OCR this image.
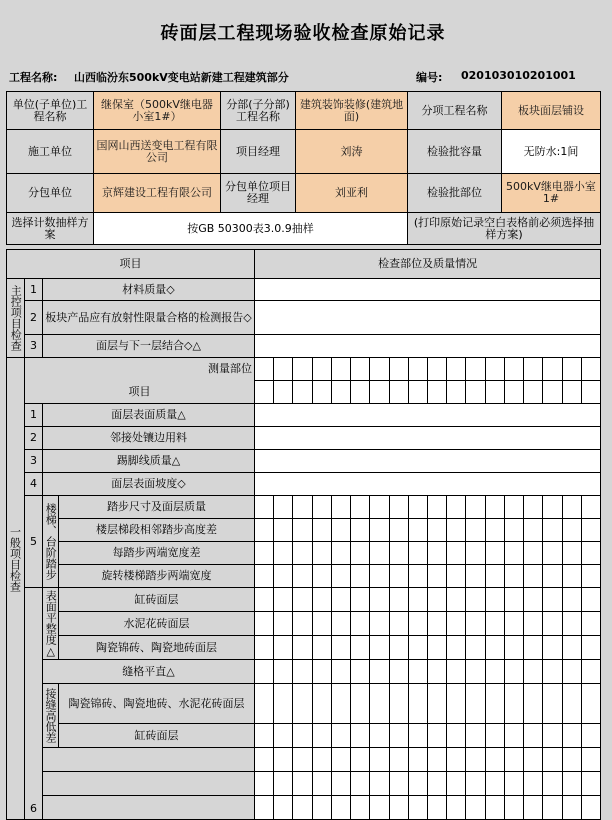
砖面层工程现场验收检查原始记录
工程名称: 山西临汾东500kV变电站新建工程建筑部分	编号: 020103010201001
单位(子单位)工程名称	继保室（500kV继电器小室1#）	分部(子分部)工程名称	建筑装饰装修(建筑地面)	分项工程名称	板块面层铺设
施工单位	国网山西送变电工程有限公司	项目经理	刘涛	检验批容量	无防水:1间
分包单位	京辉建设工程有限公司	分包单位项目经理	刘亚利	检验批部位	500kV继电器小室1#
选择计数抽样方案	按GB 50300表3.0.9抽样			(打印原始记录空白表格前必须选择抽样方案)	
项目				检查部位及质量情况																	
主控项目检查	1	材料质量◇																			
	2	板块产品应有放射性限量合格的检测报告◇																			
	3	面层与下一层结合◇△																			
一般项目检查	测量部位																				
	项目																				
	1	面层表面质量△																			
	2	邻接处镶边用料																			
	3	踢脚线质量△																			
	4	面层表面坡度◇																			
	5	楼梯、台阶踏步	踏步尺寸及面层质量																		
			楼层梯段相邻踏步高度差																		
			每踏步两端宽度差																		
			旋转楼梯踏步两端宽度																		
	6	表面平整度△	缸砖面层																		
			水泥花砖面层																		
			陶瓷锦砖、陶瓷地砖面层																		
		缝格平直△																			
		接缝高低差	陶瓷锦砖、陶瓷地砖、水泥花砖面层																		
			缸砖面层																		
